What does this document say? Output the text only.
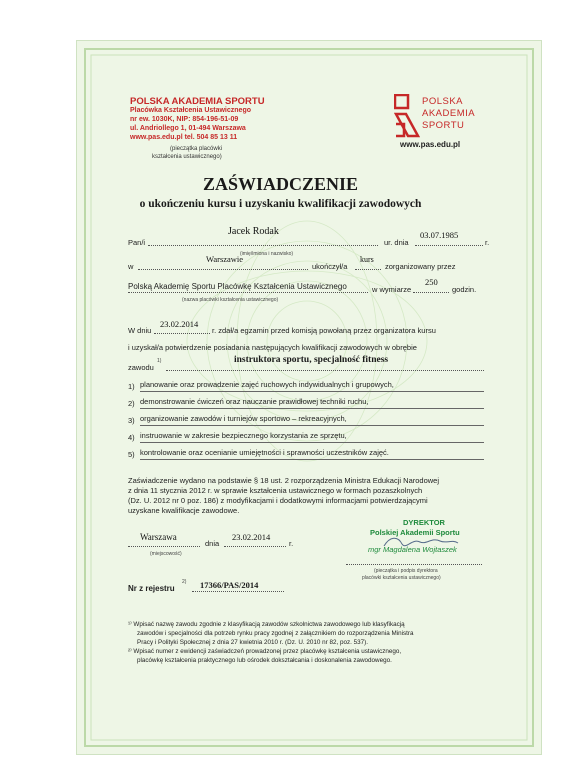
POLSKA AKADEMIA SPORTU
Placówka Kształcenia Ustawicznego
nr ew. 1030K, NIP: 854-196-51-09
ul. Andriollego 1, 01-494 Warszawa
www.pas.edu.pl tel. 504 85 13 11
(pieczątka placówki
kształcenia ustawicznego)
POLSKA
AKADEMIA
SPORTU
www.pas.edu.pl
ZAŚWIADCZENIE
o ukończeniu kursu i uzyskaniu kwalifikacji zawodowych
Pan/i
Jacek Rodak
ur. dnia
03.07.1985
r.
(imię/imiona i nazwisko)
w
Warszawie
ukończył/a
kurs
zorganizowany przez
Polską Akademię Sportu Placówkę Kształcenia Ustawicznego	w wymiarze
250
godzin.
(nazwa placówki kształcenia ustawicznego)
W dniu
23.02.2014
r. zdał/a egzamin przed komisją powołaną przez organizatora kursu
i uzyskał/a potwierdzenie posiadania następujących kwalifikacji zawodowych w obrębie
zawodu
1)	instruktora sportu, specjalność fitness
1) planowanie oraz prowadzenie zajęć ruchowych indywidualnych i grupowych,
2) demonstrowanie ćwiczeń oraz nauczanie prawidłowej techniki ruchu,
3) organizowanie zawodów i turniejów sportowo – rekreacyjnych,
4) instruowanie w zakresie bezpiecznego korzystania ze sprzętu,
5) kontrolowanie oraz ocenianie umiejętności i sprawności uczestników zajęć.
Zaświadczenie wydano na podstawie § 18 ust. 2 rozporządzenia Ministra Edukacji Narodowej
z dnia 11 stycznia 2012 r. w sprawie kształcenia ustawicznego w formach pozaszkolnych
(Dz. U. 2012 nr 0 poz. 186) z modyfikacjami i dodatkowymi informacjami potwierdzającymi
uzyskane kwalifikacje zawodowe.
Warszawa
(miejscowość)
dnia
23.02.2014
r.
DYREKTOR
Polskiej Akademii Sportu
mgr Magdalena Wojtaszek
(pieczątka i podpis dyrektora
placówki kształcenia ustawicznego)
Nr z rejestru
2) 17366/PAS/2014
¹⁾ Wpisać nazwę zawodu zgodnie z klasyfikacją zawodów szkolnictwa zawodowego lub klasyfikacją
zawodów i specjalności dla potrzeb rynku pracy zgodnej z załącznikiem do rozporządzenia Ministra
Pracy i Polityki Społecznej z dnia 27 kwietnia 2010 r. (Dz. U. 2010 nr 82, poz. 537).
²⁾ Wpisać numer z ewidencji zaświadczeń prowadzonej przez placówkę kształcenia ustawicznego,
placówkę kształcenia praktycznego lub ośrodek dokształcania i doskonalenia zawodowego.
